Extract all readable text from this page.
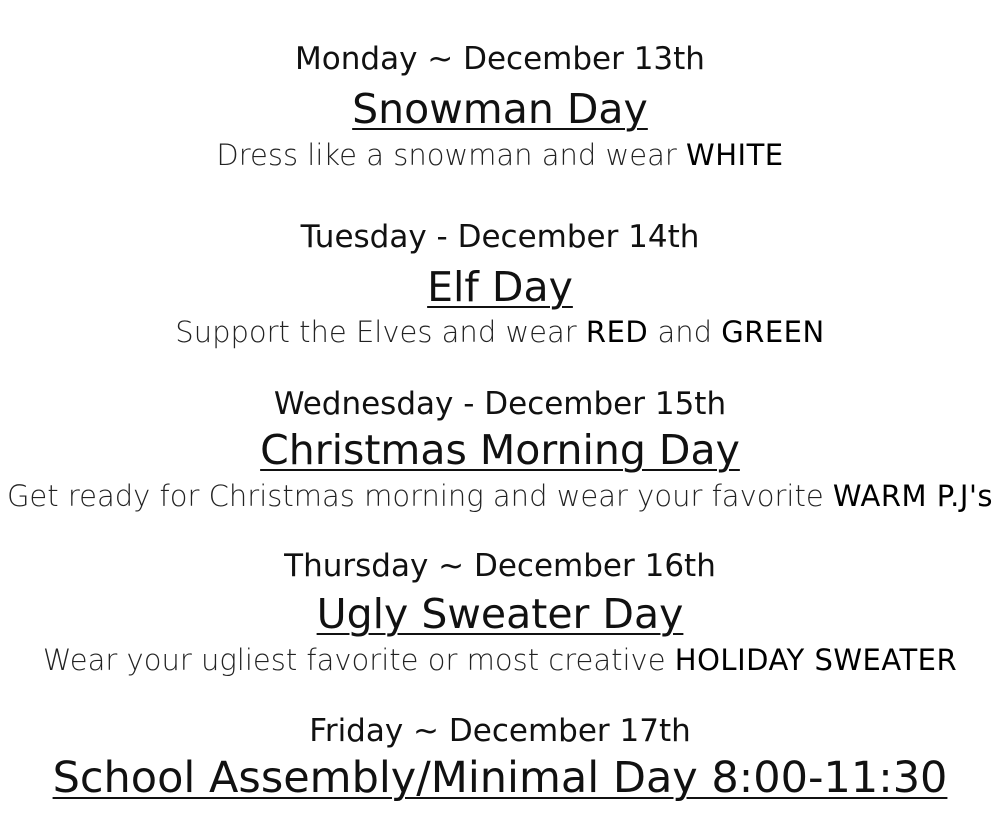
Monday ~ December 13th
Snowman Day
Dress like a snowman and wear WHITE
Tuesday - December 14th
Elf Day
Support the Elves and wear RED and GREEN
Wednesday - December 15th
Christmas Morning Day
Get ready for Christmas morning and wear your favorite WARM P.J's
Thursday ~ December 16th
Ugly Sweater Day
Wear your ugliest favorite or most creative HOLIDAY SWEATER
Friday ~ December 17th
School Assembly/Minimal Day 8:00-11:30
